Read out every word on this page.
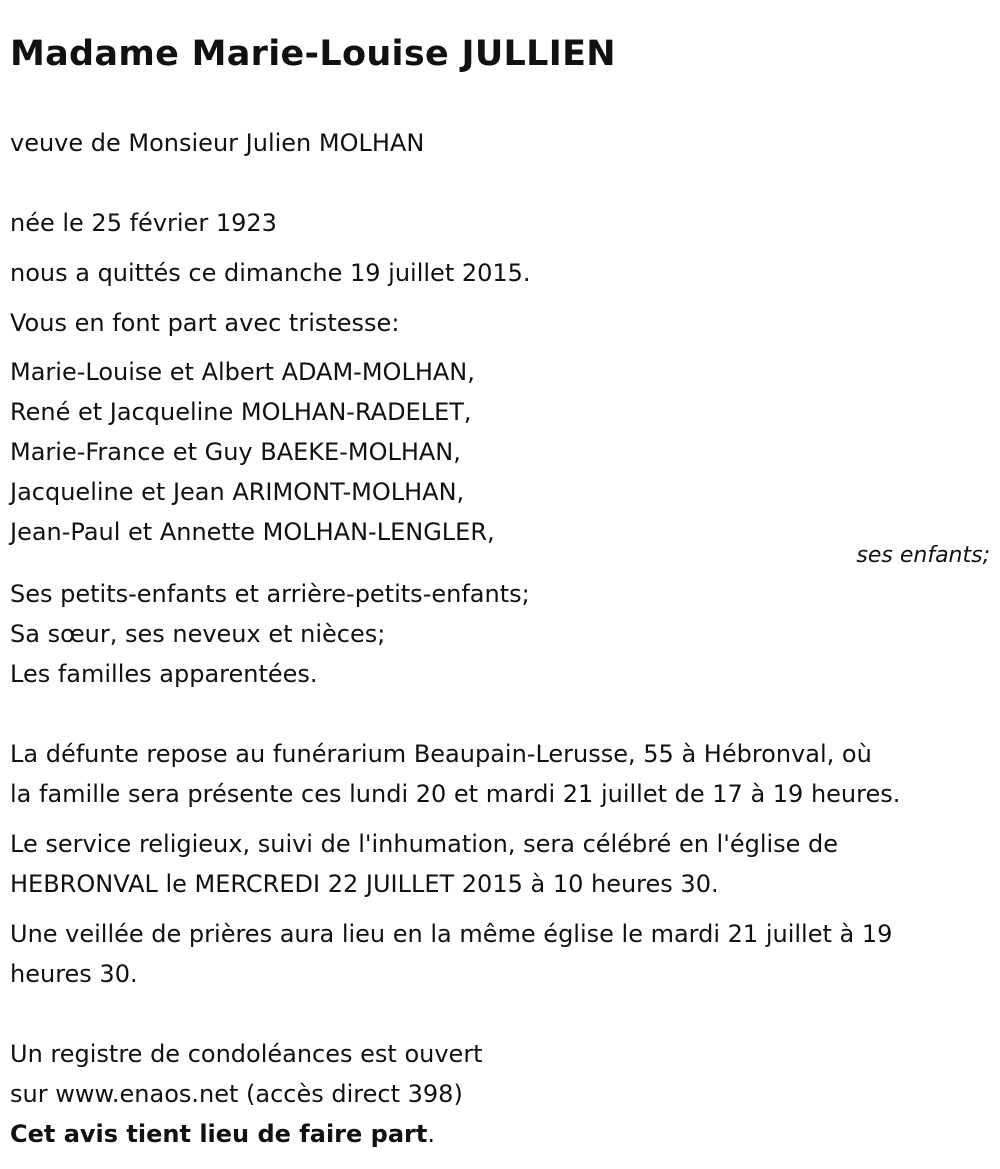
Madame Marie-Louise JULLIEN

veuve de Monsieur Julien MOLHAN

née le 25 février 1923

nous a quittés ce dimanche 19 juillet 2015.

Vous en font part avec tristesse:

Marie-Louise et Albert ADAM-MOLHAN,

René et Jacqueline MOLHAN-RADELET,

Marie-France et Guy BAEKE-MOLHAN,

Jacqueline et Jean ARIMONT-MOLHAN,

Jean-Paul et Annette MOLHAN-LENGLER,

ses enfants;

Ses petits-enfants et arrière-petits-enfants;

Sa sœur, ses neveux et nièces;

Les familles apparentées.

La défunte repose au funérarium Beaupain-Lerusse, 55 à Hébronval, où

la famille sera présente ces lundi 20 et mardi 21 juillet de 17 à 19 heures.

Le service religieux, suivi de l'inhumation, sera célébré en l'église de

HEBRONVAL le MERCREDI 22 JUILLET 2015 à 10 heures 30.

Une veillée de prières aura lieu en la même église le mardi 21 juillet à 19

heures 30.

Un registre de condoléances est ouvert

sur www.enaos.net (accès direct 398)

Cet avis tient lieu de faire part.
